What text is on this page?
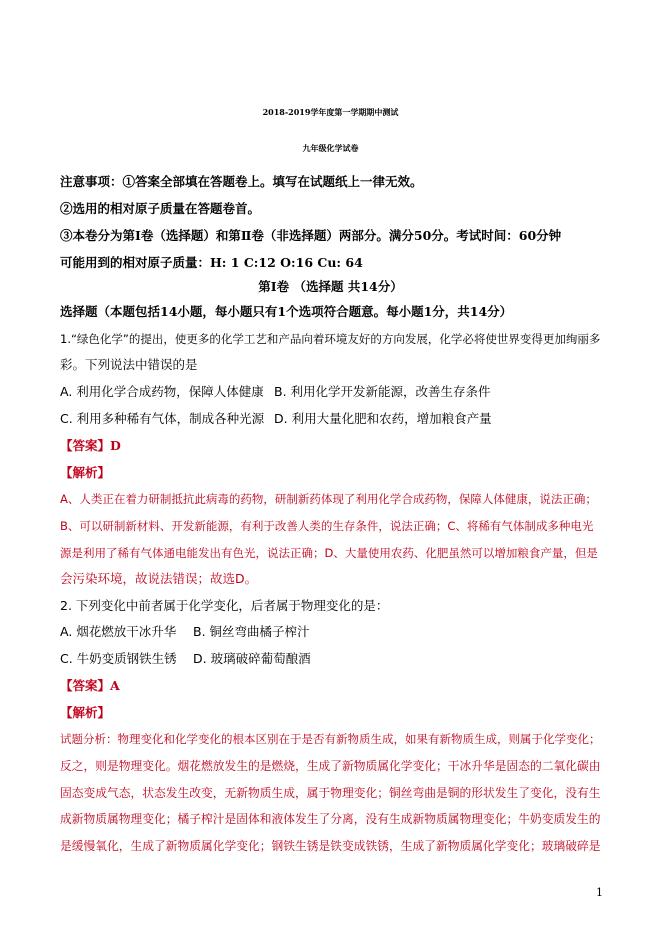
2018-2019学年度第一学期期中测试
九年级化学试卷
注意事项：①答案全部填在答题卷上。填写在试题纸上一律无效。
②选用的相对原子质量在答题卷首。
③本卷分为第Ⅰ卷（选择题）和第Ⅱ卷（非选择题）两部分。满分50分。考试时间：60分钟
可能用到的相对原子质量：H: 1 C:12 O:16 Cu: 64
第Ⅰ卷 （选择题 共14分）
选择题（本题包括14小题，每小题只有1个选项符合题意。每小题1分，共14分）
1.“绿色化学”的提出，使更多的化学工艺和产品向着环境友好的方向发展，化学必将使世界变得更加绚丽多
彩。下列说法中错误的是
A. 利用化学合成药物，保障人体健康 B. 利用化学开发新能源，改善生存条件
C. 利用多种稀有气体，制成各种光源 D. 利用大量化肥和农药，增加粮食产量
【答案】D
【解析】
A、人类正在着力研制抵抗此病毒的药物，研制新药体现了利用化学合成药物，保障人体健康，说法正确；
B、可以研制新材料、开发新能源，有利于改善人类的生存条件，说法正确；C、将稀有气体制成多种电光
源是利用了稀有气体通电能发出有色光，说法正确；D、大量使用农药、化肥虽然可以增加粮食产量，但是
会污染环境，故说法错误；故选D。
2. 下列变化中前者属于化学变化，后者属于物理变化的是：
A. 烟花燃放干冰升华 B. 铜丝弯曲橘子榨汁
C. 牛奶变质钢铁生锈 D. 玻璃破碎葡萄酿酒
【答案】A
【解析】
试题分析：物理变化和化学变化的根本区别在于是否有新物质生成，如果有新物质生成，则属于化学变化；
反之，则是物理变化。烟花燃放发生的是燃烧，生成了新物质属化学变化；干冰升华是固态的二氧化碳由
固态变成气态，状态发生改变，无新物质生成，属于物理变化；铜丝弯曲是铜的形状发生了变化，没有生
成新物质属物理变化；橘子榨汁是固体和液体发生了分离，没有生成新物质属物理变化；牛奶变质发生的
是缓慢氧化，生成了新物质属化学变化；钢铁生锈是铁变成铁锈，生成了新物质属化学变化；玻璃破碎是
1
